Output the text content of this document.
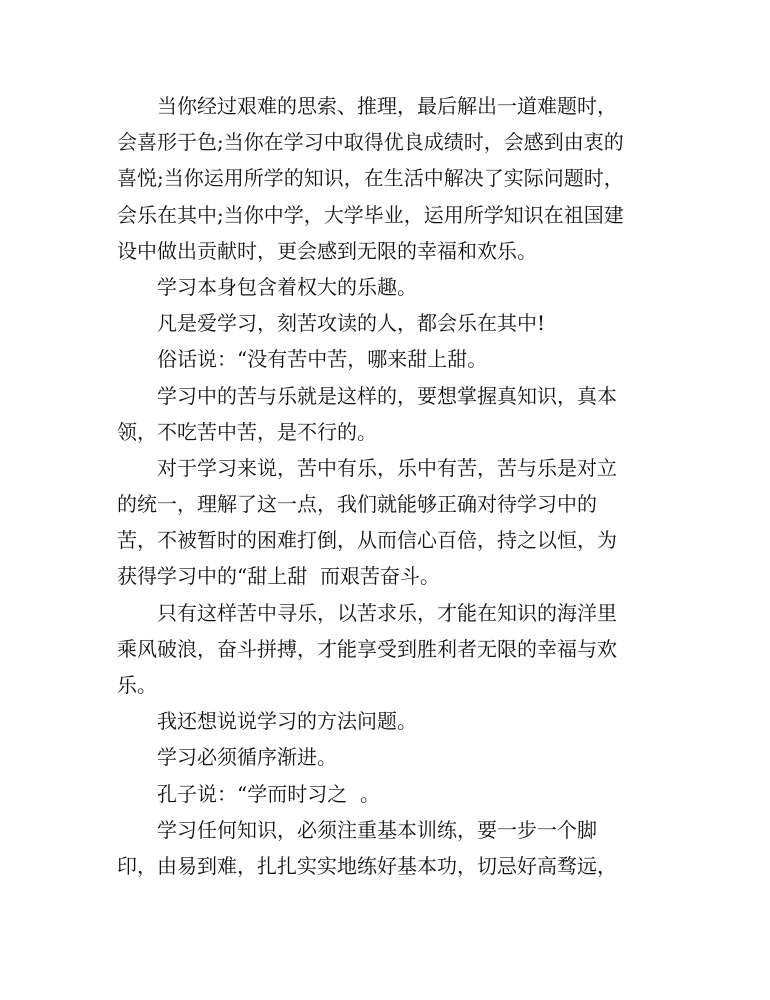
当你经过艰难的思索、推理，最后解出一道难题时，
会喜形于色;当你在学习中取得优良成绩时，会感到由衷的
喜悦;当你运用所学的知识，在生活中解决了实际问题时，
会乐在其中;当你中学，大学毕业，运用所学知识在祖国建
设中做出贡献时，更会感到无限的幸福和欢乐。
学习本身包含着权大的乐趣。
凡是爱学习，刻苦攻读的人，都会乐在其中!
俗话说：“没有苦中苦，哪来甜上甜。
学习中的苦与乐就是这样的，要想掌握真知识，真本
领，不吃苦中苦，是不行的。
对于学习来说，苦中有乐，乐中有苦，苦与乐是对立
的统一，理解了这一点，我们就能够正确对待学习中的
苦，不被暂时的困难打倒，从而信心百倍，持之以恒，为
获得学习中的“甜上甜  而艰苦奋斗。
只有这样苦中寻乐，以苦求乐，才能在知识的海洋里
乘风破浪，奋斗拼搏，才能享受到胜利者无限的幸福与欢
乐。
我还想说说学习的方法问题。
学习必须循序渐进。
孔子说：“学而时习之  。
学习任何知识，必须注重基本训练，要一步一个脚
印，由易到难，扎扎实实地练好基本功，切忌好高骛远，
